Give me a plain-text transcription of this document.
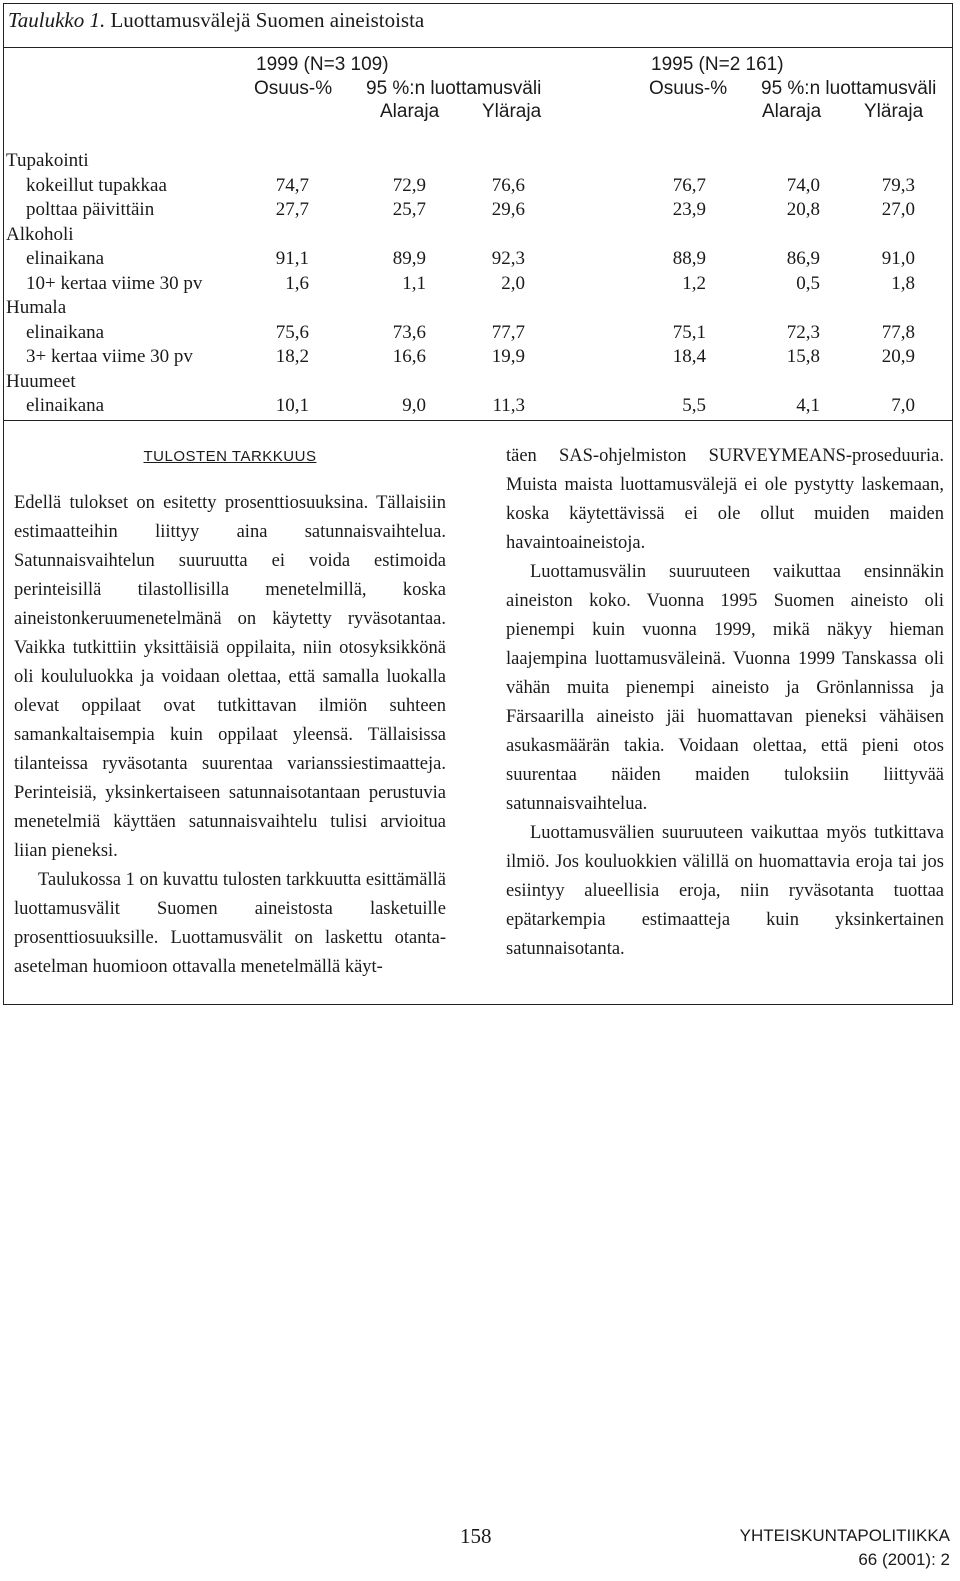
Taulukko 1. Luottamusvälejä Suomen aineistoista
1999 (N=3 109)
Osuus-% 95 %:n luottamusväli
Alaraja Yläraja
1995 (N=2 161)
Osuus-% 95 %:n luottamusväli
Alaraja Yläraja
Tupakointi
kokeillut tupakkaa	74,7	72,9	76,6	76,7	74,0	79,3
polttaa päivittäin	27,7	25,7	29,6	23,9	20,8	27,0
Alkoholi
elinaikana	91,1	89,9	92,3	88,9	86,9	91,0
10+ kertaa viime 30 pv	1,6	1,1	2,0	1,2	0,5	1,8
Humala
elinaikana	75,6	73,6	77,7	75,1	72,3	77,8
3+ kertaa viime 30 pv	18,2	16,6	19,9	18,4	15,8	20,9
Huumeet
elinaikana	10,1	9,0	11,3	5,5	4,1	7,0
TULOSTEN TARKKUUS

Edellä tulokset on esitetty prosenttiosuuksina. Tällaisiin estimaatteihin liittyy aina satunnaisvaihtelua. Satunnaisvaihtelun suuruutta ei voida estimoida perinteisillä tilastollisilla menetelmillä, koska aineistonkeruumenetelmänä on käytetty ryväsotantaa. Vaikka tutkittiin yksittäisiä oppilaita, niin otosyksikkönä oli koululuokka ja voidaan olettaa, että samalla luokalla olevat oppilaat ovat tutkittavan ilmiön suhteen samankaltaisempia kuin oppilaat yleensä. Tällaisissa tilanteissa ryväsotanta suurentaa varianssiestimaatteja. Perinteisiä, yksinkertaiseen satunnaisotantaan perustuvia menetelmiä käyttäen satunnaisvaihtelu tulisi arvioitua liian pieneksi.

Taulukossa 1 on kuvattu tulosten tarkkuutta esittämällä luottamusvälit Suomen aineistosta lasketuille prosenttiosuuksille. Luottamusvälit on laskettu otanta-asetelman huomioon ottavalla menetelmällä käyt-

täen SAS-ohjelmiston SURVEYMEANS-proseduuria. Muista maista luottamusvälejä ei ole pystytty laskemaan, koska käytettävissä ei ole ollut muiden maiden havaintoaineistoja.

Luottamusvälin suuruuteen vaikuttaa ensinnäkin aineiston koko. Vuonna 1995 Suomen aineisto oli pienempi kuin vuonna 1999, mikä näkyy hieman laajempina luottamusväleinä. Vuonna 1999 Tanskassa oli vähän muita pienempi aineisto ja Grönlannissa ja Färsaarilla aineisto jäi huomattavan pieneksi vähäisen asukasmäärän takia. Voidaan olettaa, että pieni otos suurentaa näiden maiden tuloksiin liittyvää satunnaisvaihtelua.

Luottamusvälien suuruuteen vaikuttaa myös tutkittava ilmiö. Jos kouluokkien välillä on huomattavia eroja tai jos esiintyy alueellisia eroja, niin ryväsotanta tuottaa epätarkempia estimaatteja kuin yksinkertainen satunnaisotanta.

158	YHTEISKUNTAPOLITIIKKA
66 (2001): 2
